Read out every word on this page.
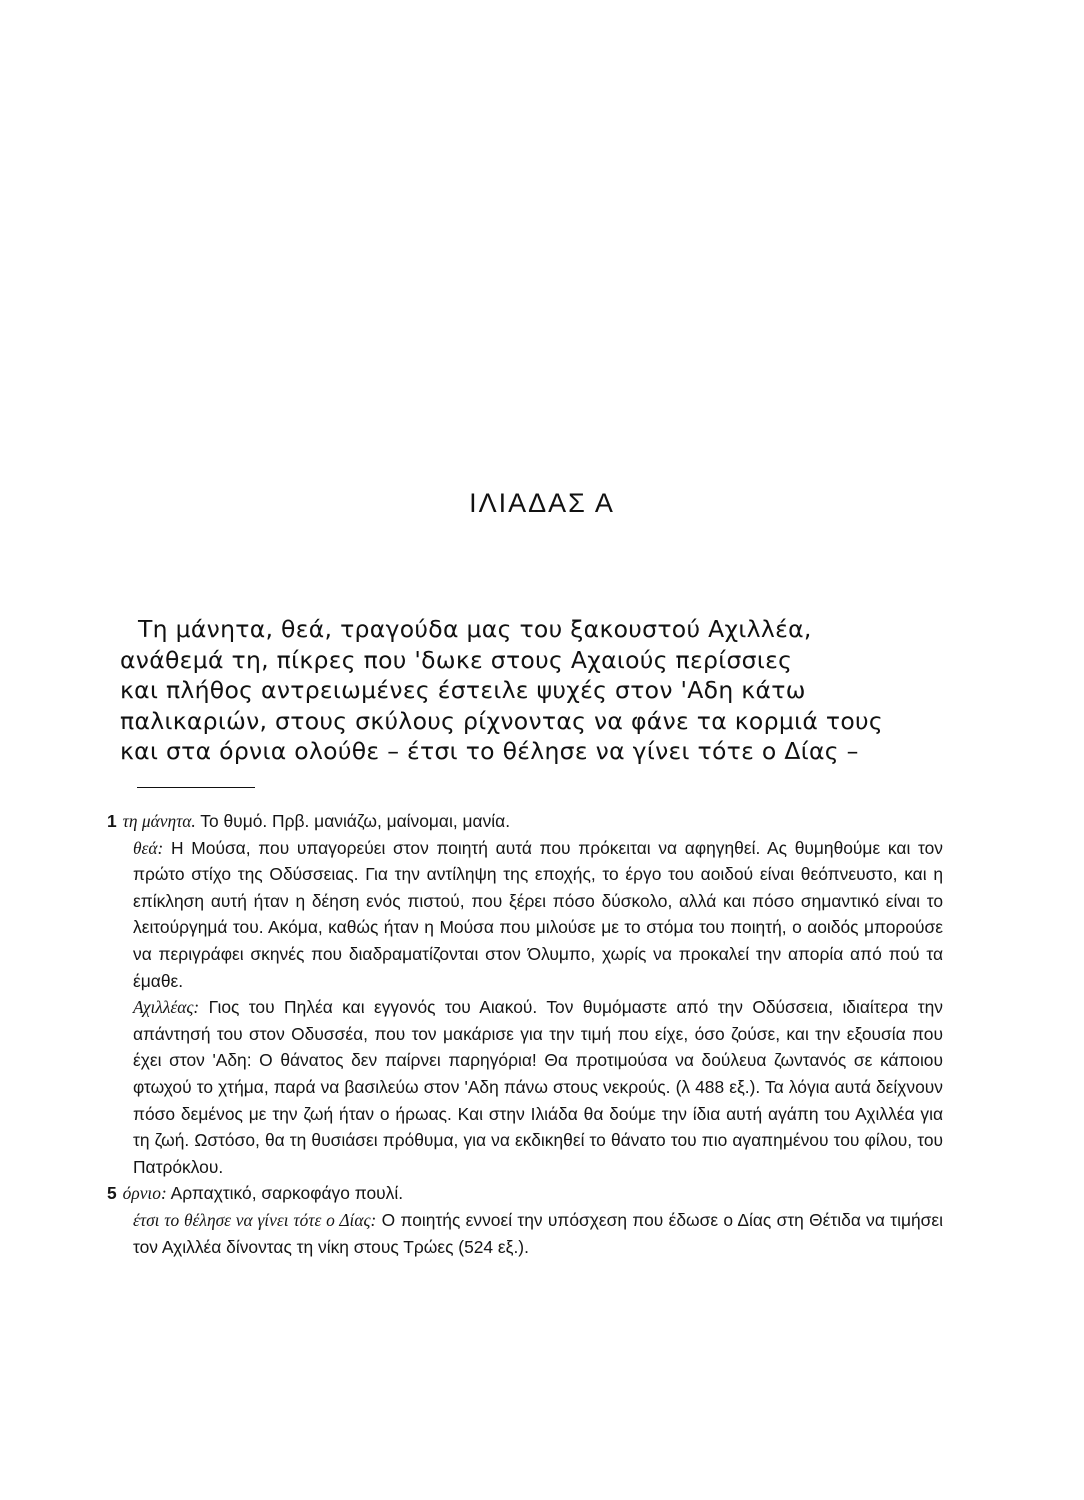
ΙΛΙΑΔΑΣ Α
Τη μάνητα, θεά, τραγούδα μας του ξακουστού Αχιλλέα,
ανάθεμά τη, πίκρες που 'δωκε στους Αχαιούς περίσσιες
και πλήθος αντρειωμένες έστειλε ψυχές στον 'Αδη κάτω
παλικαριών, στους σκύλους ρίχνοντας να φάνε τα κορμιά τους
και στα όρνια ολούθε – έτσι το θέλησε να γίνει τότε ο Δίας –

1 τη μάνητα. Το θυμό. Πρβ. μανιάζω, μαίνομαι, μανία.

θεά: Η Μούσα, που υπαγορεύει στον ποιητή αυτά που πρόκειται να αφηγηθεί. Ας θυμηθούμε και τον πρώτο στίχο της Οδύσσειας. Για την αντίληψη της εποχής, το έργο του αοιδού είναι θεόπνευστο, και η επίκληση αυτή ήταν η δέηση ενός πιστού, που ξέρει πόσο δύσκολο, αλλά και πόσο σημαντικό είναι το λειτούργημά του. Ακόμα, καθώς ήταν η Μούσα που μιλούσε με το στόμα του ποιητή, ο αοιδός μπορούσε να περιγράφει σκηνές που διαδραματίζονται στον Όλυμπο, χωρίς να προκαλεί την απορία από πού τα έμαθε.

Αχιλλέας: Γιος του Πηλέα και εγγονός του Αιακού. Τον θυμόμαστε από την Οδύσσεια, ιδιαίτερα την απάντησή του στον Οδυσσέα, που τον μακάρισε για την τιμή που είχε, όσο ζούσε, και την εξουσία που έχει στον 'Αδη: Ο θάνατος δεν παίρνει παρηγόρια! Θα προτιμούσα να δούλευα ζωντανός σε κάποιου φτωχού το χτήμα, παρά να βασιλεύω στον 'Αδη πάνω στους νεκρούς. (λ 488 εξ.). Τα λόγια αυτά δείχνουν πόσο δεμένος με την ζωή ήταν ο ήρωας. Και στην Ιλιάδα θα δούμε την ίδια αυτή αγάπη του Αχιλλέα για τη ζωή. Ωστόσο, θα τη θυσιάσει πρόθυμα, για να εκδικηθεί το θάνατο του πιο αγαπημένου του φίλου, του Πατρόκλου.

5 όρνιο: Αρπαχτικό, σαρκοφάγο πουλί.

έτσι το θέλησε να γίνει τότε ο Δίας: Ο ποιητής εννοεί την υπόσχεση που έδωσε ο Δίας στη Θέτιδα να τιμήσει τον Αχιλλέα δίνοντας τη νίκη στους Τρώες (524 εξ.).
